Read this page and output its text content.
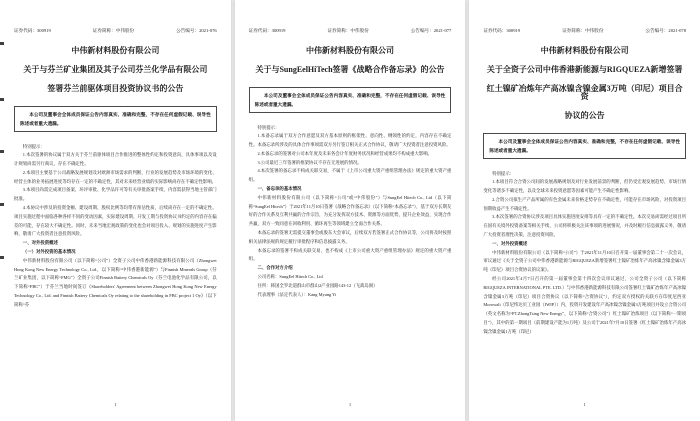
证券代码：300919	证券简称：中伟股份	公告编号：2021-076
中伟新材料股份有限公司
关于与芬兰矿业集团及其子公司芬兰化学品有限公司
签署芬兰前驱体项目投资协议书的公告
本公司及董事会全体成员保证公告内容真实、准确和完整，不存在任何虚假记载、误导性陈述或者重大遗漏。

特别提示：

1.本次签署的协议属于双方关于芬兰前驱体项目合作推进的整体性约定和投资意向，具体事项以及设计规划尚需另行商议，存在不确定性。

2.本项目主要基于公司战略发展规划及对欧洲市场需求的判断，行业的发展趋势及市场环境的变化、经营主体的业务拓展进度等均存在一定的不确定性，其对未来经营业绩的实际影响尚存在不确定性影响。

3.本项目尚需完成项目备案、环评审批、化学品许可等有关审批备案手续，内容需获得当地主管部门批准。

4.本协议中涉及的投资金额、建设周期、股权比例等均带有预估性质，后续尚存在一定的不确定性。项目实施过程中面临各种各样不同的变动因素，实际建设周期、开发工期与投资协议书约定的内容存在偏差的可能，存在较大不确定性。同时，未来当地宏观政策的变化也会对项目投入、规划的实施进度产生影响，敬请广大投资者注意投资风险。

一、对外投资概述

（一）对外投资的基本情况

中伟新材料股份有限公司（以下简称“公司”）全资子公司中伟香港新能源科技有限公司（Zhongwei Hong Kong New Energy Technology Co., Ltd.，以下简称“中伟香港新能源”）与Finnish Minerals Group（芬兰矿业集团，以下简称“FMG”）全资子公司Finnish Battery Chemicals Oy（芬兰电池化学品有限公司，以下简称“FBC”）于芬兰当地时间签订《Shareholders' Agreement between Zhongwei Hong Kong New Energy Technology Co., Ltd. and Finnish Battery Chemicals Oy relating to the shareholding in FBC project 1 Oy》（以下简称“芬

1
证券代码：300919	证券简称：中伟股份	公告编号：2021-077
中伟新材料股份有限公司
关于与SungEelHiTech签署《战略合作备忘录》的公告
本公司及董事会全体成员保证公告内容真实、准确和完整，不存在任何虚假记载、误导性陈述或者重大遗漏。

特别提示：

1.本备忘录属于双方合作意愿及双方基本原则的框架性、意向性、纲领性的约定，内容存在不确定性。本备忘录所涉及的具体合作事项需双方另行签订相关正式合作协议，敬请广大投资者注意投资风险。

2.本备忘录的签署对公司本年度及未来各会计年度财务状况和经营成果均不构成重大影响。

3.公司最近三年签署的框架协议不存在无进展的情况。

4.本次签署的备忘录不构成关联交易，不属于《上市公司重大资产重组管理办法》规定的重大资产重组。

一、备忘录的基本情况

中伟新材料股份有限公司（以下简称“公司”或“中伟股份”）与SungEel Hitech Co., Ltd（以下简称“SungEel Hitech”）于2021年11月10日签署《战略合作备忘录》（以下简称“本备忘录”），基于双方长期友好的合作关系及互利共赢的合作宗旨，为充分发挥双方技术、资源等方面优势，提升企业效益，实现合作共赢，双方一致同意在回收利用、循环再生等领域建立全面合作关系。

本备忘录的签署无需提交董事会或股东大会审议，后续双方若签署正式合作协议等，公司将及时按照相关法律法规的规定履行审批程序和信息披露义务。

本备忘录的签署不构成关联交易，也不构成《上市公司重大资产重组管理办法》规定的重大资产重组。

二、合作对方介绍

公司名称：SungEel Hitech Co., Ltd

住所：韩国全罗北道群山市群山2产业园路143-12（飞禽岛洞）

代表理事（法定代表人）：Kang Myung Yi

1
证券代码：300919	证券简称：中伟股份	公告编号：2021-078
中伟新材料股份有限公司
关于全资子公司中伟香港新能源与RIGQUEZA新增签署
红土镍矿冶炼年产高冰镍含镍金属3万吨（印尼）项目合资
协议的公告
本公司及董事会全体成员保证公告内容真实、准确和完整，不存在任何虚假记载、误导性陈述或者重大遗漏。

特别提示：

1.本项目符合合资公司间的发展战略规划及对行业发展前景的判断，但仍受宏观发展趋势、市场行情变化等诸多不确定性，以及全球未来投资意愿等因素可能产生不确定性影响。

2.合资公司拟生产产品所属的有色金属未来价格走势存在不确定性，可能存在市场风险，对投资项目预期收益产生不确定性。

3.本次签署的合资协议涉及项目具体实施进度安排等具有一定的不确定性。本次交易尚需经过项目所在国有关境外投资备案等相关手续，公司将积极关注该事项的进展情况，并及时履行信息披露义务，敬请广大投资者理性决策，注意投资风险。

一、对外投资概述

中伟新材料股份有限公司（以下简称“公司”）于2021年11月10日召开第一届董事会第二十一次会议，审议通过《关于全资子公司中伟香港新能源与RIGQUEZA新增签署红土镍矿冶炼年产高冰镍含镍金属3万吨（印尼）项目合资协议的议案》。

经公司2021年4月7日召开的第一届董事会第十四次会议审议通过，公司全资子公司（以下简称RIGQUEZA INTERNATIONAL PTE. LTD.）与中伟香港新能源科技有限公司签署红土镍矿冶炼年产高冰镍含镍金属3万吨（印尼）项目合资协议（以下简称“合资协议”），约定双方授权的关联方在印度尼西亚Morowali（印尼纬达贝工业园（IWIP））内，投资开发建设年产高冰镍含镍金属3万吨项目并设立合资公司（英文名称为“PT.ZhongTsing New Energy”，以下简称“合资公司”）红土镍矿冶炼项目（以下简称“一期项目”），其中的第一期项目（前期建设产能为1万吨）及公司于2021年7月10日签署《红土镍矿冶炼年产高冰镍含镍金属1万吨（印尼）

1
